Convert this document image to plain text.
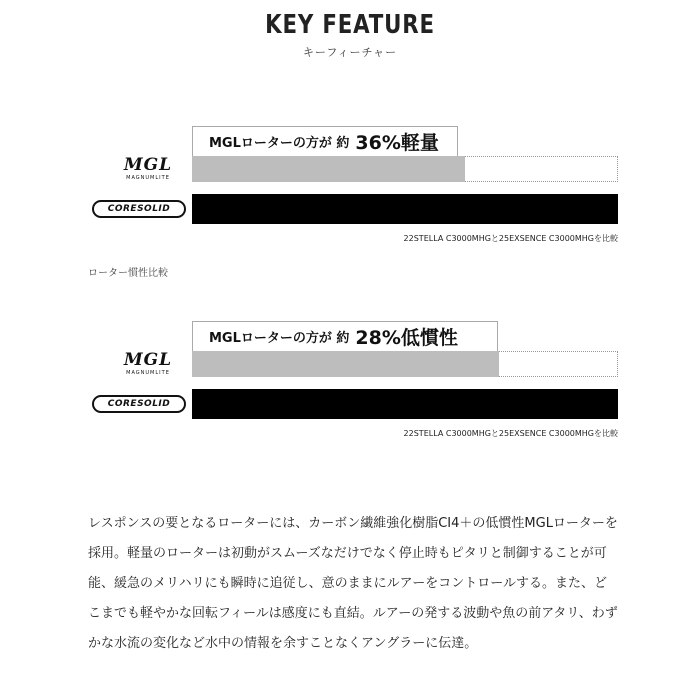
KEY FEATURE
キーフィーチャー
MGLローターの方が 約 36%軽量
MGL
MAGNUMLITE
CORESOLID
22STELLA C3000MHGと25EXSENCE C3000MHGを比較
ローター慣性比較
MGLローターの方が 約 28%低慣性
MGL
MAGNUMLITE
CORESOLID
22STELLA C3000MHGと25EXSENCE C3000MHGを比較

レスポンスの要となるローターには、カーボン繊維強化樹脂CI4＋の低慣性MGLローターを採用。軽量のローターは初動がスムーズなだけでなく停止時もピタリと制御することが可能、緩急のメリハリにも瞬時に追従し、意のままにルアーをコントロールする。また、どこまでも軽やかな回転フィールは感度にも直結。ルアーの発する波動や魚の前アタリ、わずかな水流の変化など水中の情報を余すことなくアングラーに伝達。
